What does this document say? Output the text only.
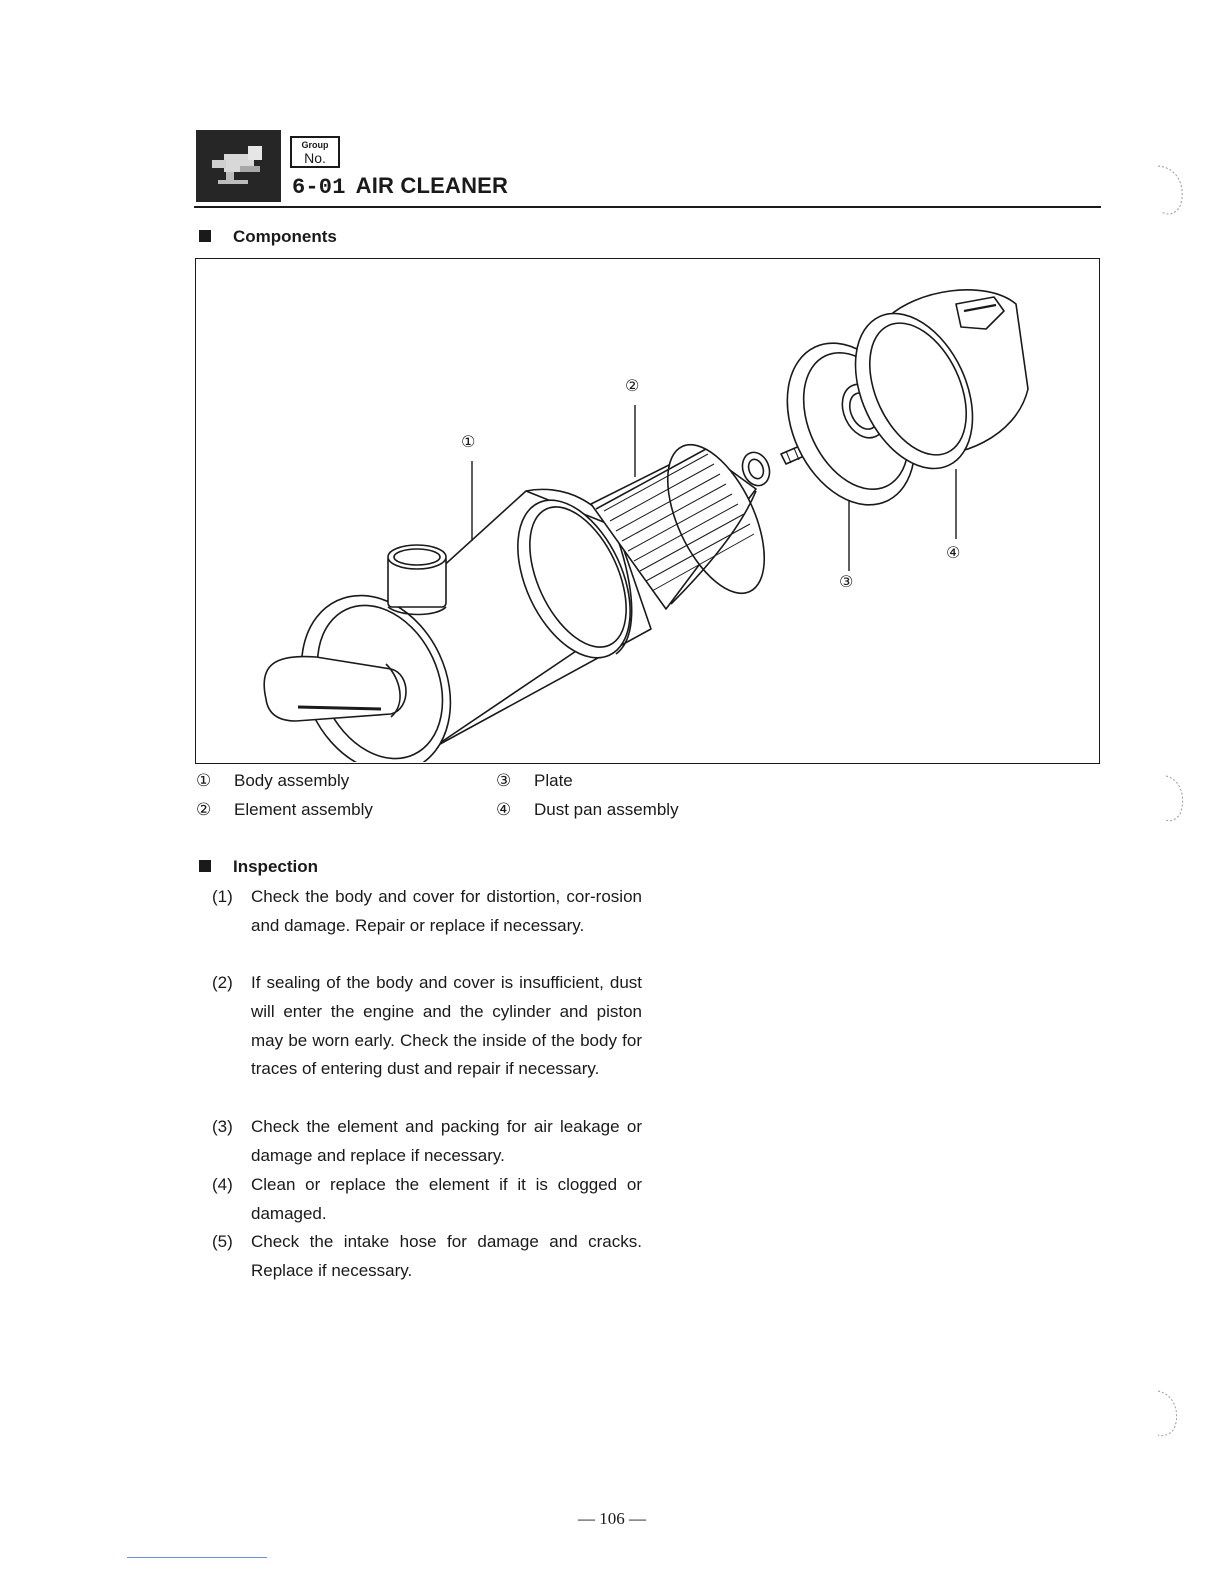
Group
No.
6-01 AIR CLEANER
Components
①
②
③
④
① Body assembly
② Element assembly
③ Plate
④ Dust pan assembly
Inspection
(1) Check the body and cover for distortion, cor-rosion and damage. Repair or replace if necessary.
(2) If sealing of the body and cover is insufficient, dust will enter the engine and the cylinder and piston may be worn early. Check the inside of the body for traces of entering dust and repair if necessary.
(3) Check the element and packing for air leakage or damage and replace if necessary.
(4) Clean or replace the element if it is clogged or damaged.
(5) Check the intake hose for damage and cracks. Replace if necessary.
— 106 —
